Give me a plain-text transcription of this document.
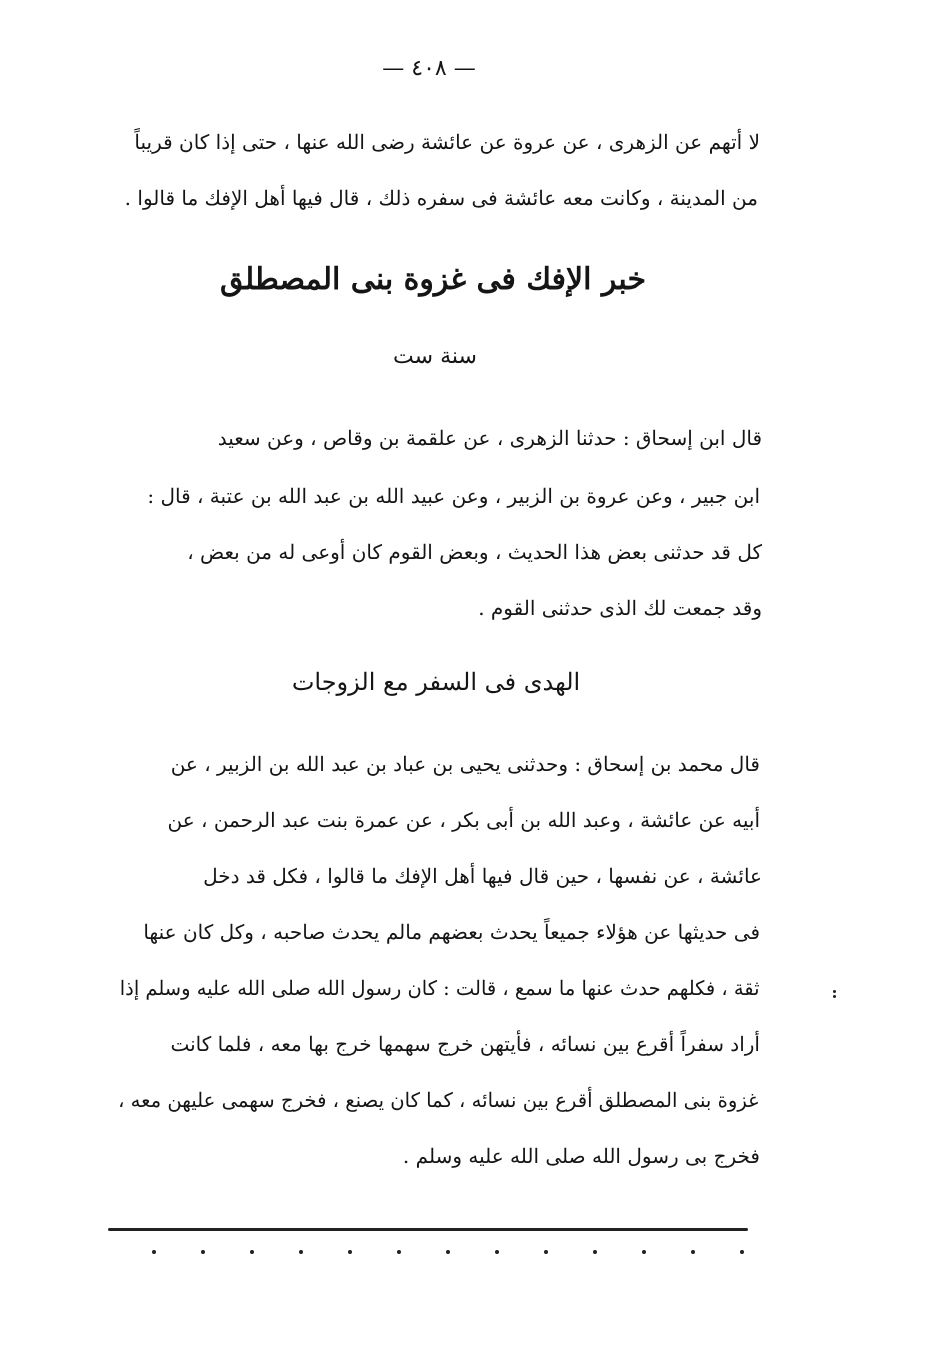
— ٤٠٨ —
لا أتهم عن الزهرى ، عن عروة عن عائشة رضى الله عنها ، حتى إذا كان قريباً
من المدينة ، وكانت معه عائشة فى سفره ذلك ، قال فيها أهل الإفك ما قالوا .
خبر الإفك فى غزوة بنى المصطلق
سنة ست
قال ابن إسحاق : حدثنا الزهرى ، عن علقمة بن وقاص ، وعن سعيد
ابن جبير ، وعن عروة بن الزبير ، وعن عبيد الله بن عبد الله بن عتبة ، قال :
كل قد حدثنى بعض هذا الحديث ، وبعض القوم كان أوعى له من بعض ،
وقد جمعت لك الذى حدثنى القوم .
الهدى فى السفر مع الزوجات
قال محمد بن إسحاق : وحدثنى يحيى بن عباد بن عبد الله بن الزبير ، عن
أبيه عن عائشة ، وعبد الله بن أبى بكر ، عن عمرة بنت عبد الرحمن ، عن
عائشة ، عن نفسها ، حين قال فيها أهل الإفك ما قالوا ، فكل قد دخل
فى حديثها عن هؤلاء جميعاً يحدث بعضهم مالم يحدث صاحبه ، وكل كان عنها
ثقة ، فكلهم حدث عنها ما سمع ، قالت : كان رسول الله صلى الله عليه وسلم إذا
أراد سفراً أقرع بين نسائه ، فأيتهن خرج سهمها خرج بها معه ، فلما كانت
غزوة بنى المصطلق أقرع بين نسائه ، كما كان يصنع ، فخرج سهمى عليهن معه ،
فخرج بى رسول الله صلى الله عليه وسلم .
